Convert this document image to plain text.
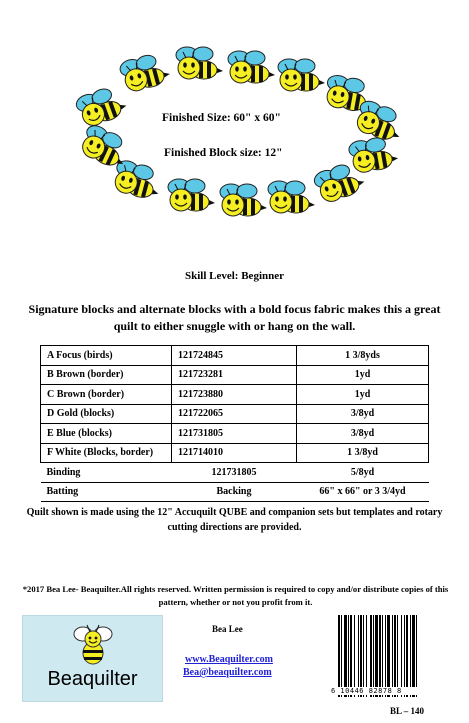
Finished Size: 60" x 60"
Finished Block size: 12"
Skill Level: Beginner
Signature blocks and alternate blocks with a bold focus fabric makes this a great quilt to either snuggle with or hang on the wall.
A Focus (birds)	121724845	1 3/8yds
B Brown (border)	121723281	1yd
C Brown (border)	121723880	1yd
D Gold (blocks)	121722065	3/8yd
E Blue (blocks)	121731805	3/8yd
F White (Blocks, border)	121714010	1 3/8yd
Binding	121731805	5/8yd
Batting	Backing	66" x 66" or 3 3/4yd
Quilt shown is made using the 12" Accuquilt QUBE and companion sets but templates and rotary cutting directions are provided.
*2017 Bea Lee- Beaquilter.All rights reserved. Written permission is required to copy and/or distribute copies of this pattern, whether or not you profit from it.
Beaquilter
Bea Lee
www.Beaquilter.com
Bea@beaquilter.com
6 10446 82878 8
BL – 140
